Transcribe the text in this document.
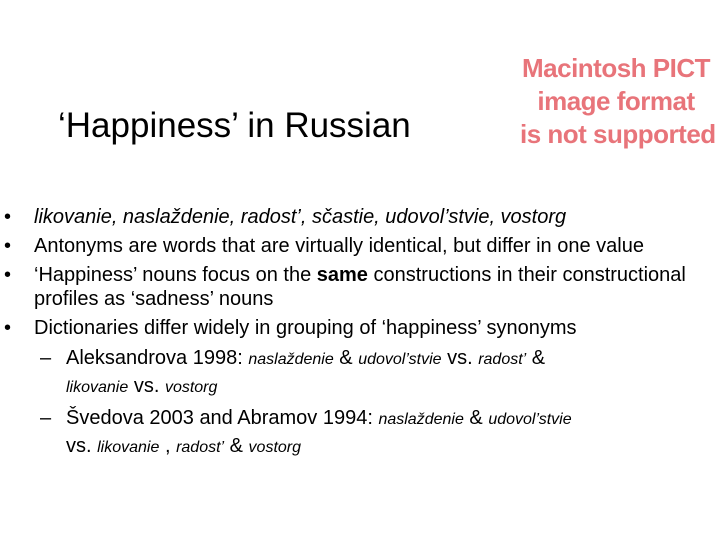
‘Happiness’ in Russian
Macintosh PICT
image format
is not supported
• likovanie, naslaždenie, radost’, sčastie, udovol’stvie, vostorg
• Antonyms are words that are virtually identical, but differ in one value
• ‘Happiness’ nouns focus on the same constructions in their constructional profiles as ‘sadness’ nouns
• Dictionaries differ widely in grouping of ‘happiness’ synonyms
– Aleksandrova 1998: naslaždenie & udovol’stvie vs. radost’ &
likovanie vs. vostorg
– Švedova 2003 and Abramov 1994: naslaždenie & udovol’stvie
vs. likovanie , radost’ & vostorg
